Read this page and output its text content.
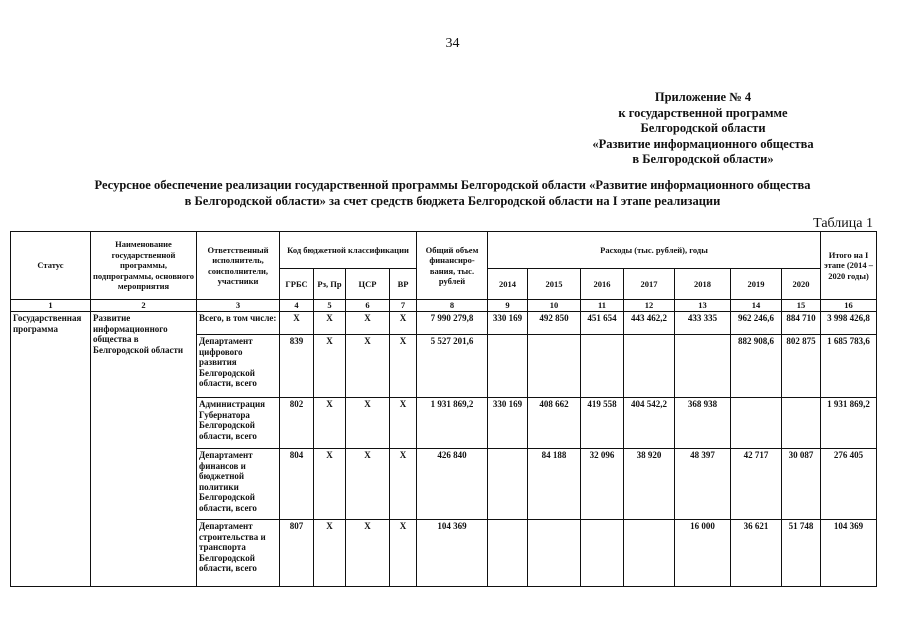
34
Приложение № 4
к государственной программе
Белгородской области
«Развитие информационного общества
в Белгородской области»
Ресурсное обеспечение реализации государственной программы Белгородской области «Развитие информационного общества
в Белгородской области» за счет средств бюджета Белгородской области на I этапе реализации
Таблица 1
Статус	Наименование государственной программы, подпрограммы, основного мероприятия	Ответственный исполнитель, соисполнители, участники	Код бюджетной классификации				Общий объем финансиро-вания, тыс. рублей	Расходы (тыс. рублей), годы							Итого на I этапе (2014 – 2020 годы)
			ГРБС	Рз, Пр	ЦСР	ВР		2014	2015	2016	2017	2018	2019	2020	
1	2	3	4	5	6	7	8	9	10	11	12	13	14	15	16
Государственная программа	Развитие информационного общества в Белгородской области	Всего, в том числе:	X	X	X	X	7 990 279,8	330 169	492 850	451 654	443 462,2	433 335	962 246,6	884 710	3 998 426,8
		Департамент цифрового развития Белгородской области, всего	839	X	X	X	5 527 201,6						882 908,6	802 875	1 685 783,6
		Администрация Губернатора Белгородской области, всего	802	X	X	X	1 931 869,2	330 169	408 662	419 558	404 542,2	368 938			1 931 869,2
		Департамент финансов и бюджетной политики Белгородской области, всего	804	X	X	X	426 840		84 188	32 096	38 920	48 397	42 717	30 087	276 405
		Департамент строительства и транспорта Белгородской области, всего	807	X	X	X	104 369					16 000	36 621	51 748	104 369
